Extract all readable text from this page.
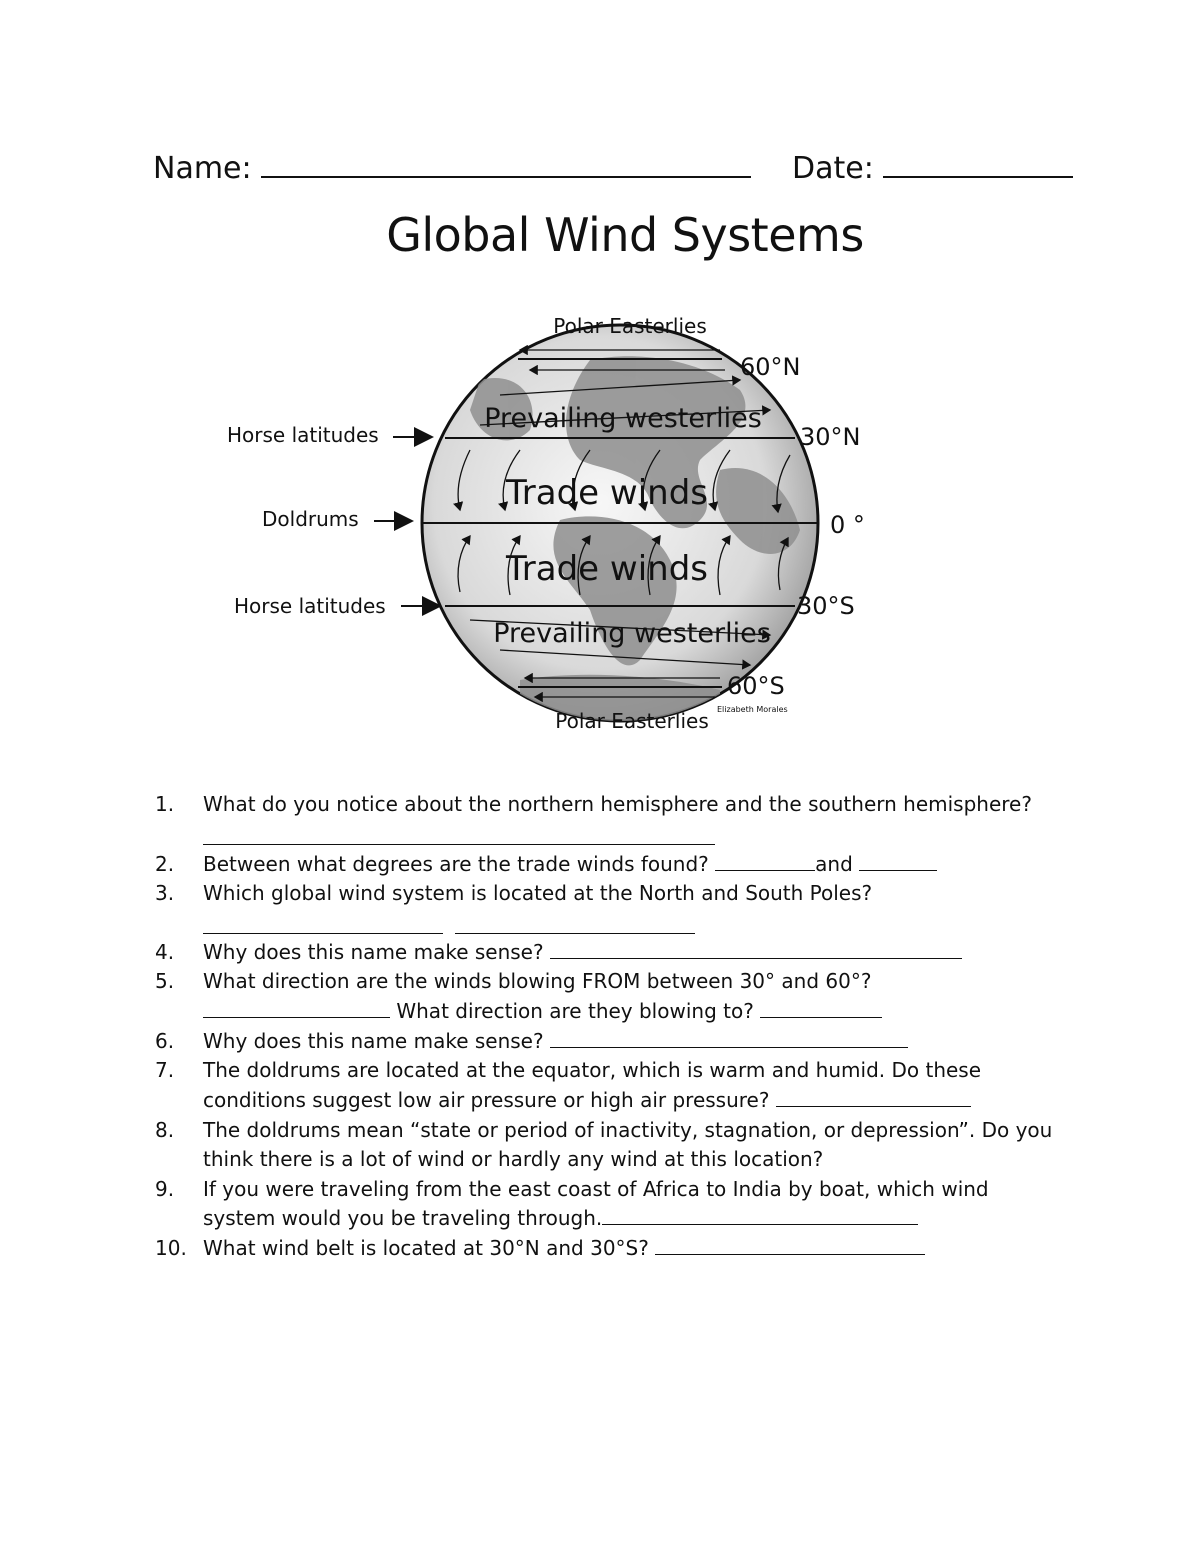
Name:	Date:
Global Wind Systems
Polar Easterlies
Polar Easterlies
60°N
30°N
0 °
30°S
60°S
Prevailing westerlies
Trade winds
Trade winds
Prevailing westerlies
Horse latitudes
Doldrums
Horse latitudes
Elizabeth Morales
1. What do you notice about the northern hemisphere and the southern hemisphere?
2. Between what degrees are the trade winds found?	and
3. Which global wind system is located at the North and South Poles?
4. Why does this name make sense?
5. What direction are the winds blowing FROM between 30° and 60°?
What direction are they blowing to?
6. Why does this name make sense?
7. The doldrums are located at the equator, which is warm and humid. Do these
conditions suggest low air pressure or high air pressure?
8. The doldrums mean “state or period of inactivity, stagnation, or depression”. Do you
think there is a lot of wind or hardly any wind at this location?
9. If you were traveling from the east coast of Africa to India by boat, which wind
system would you be traveling through.
10. What wind belt is located at 30°N and 30°S?
